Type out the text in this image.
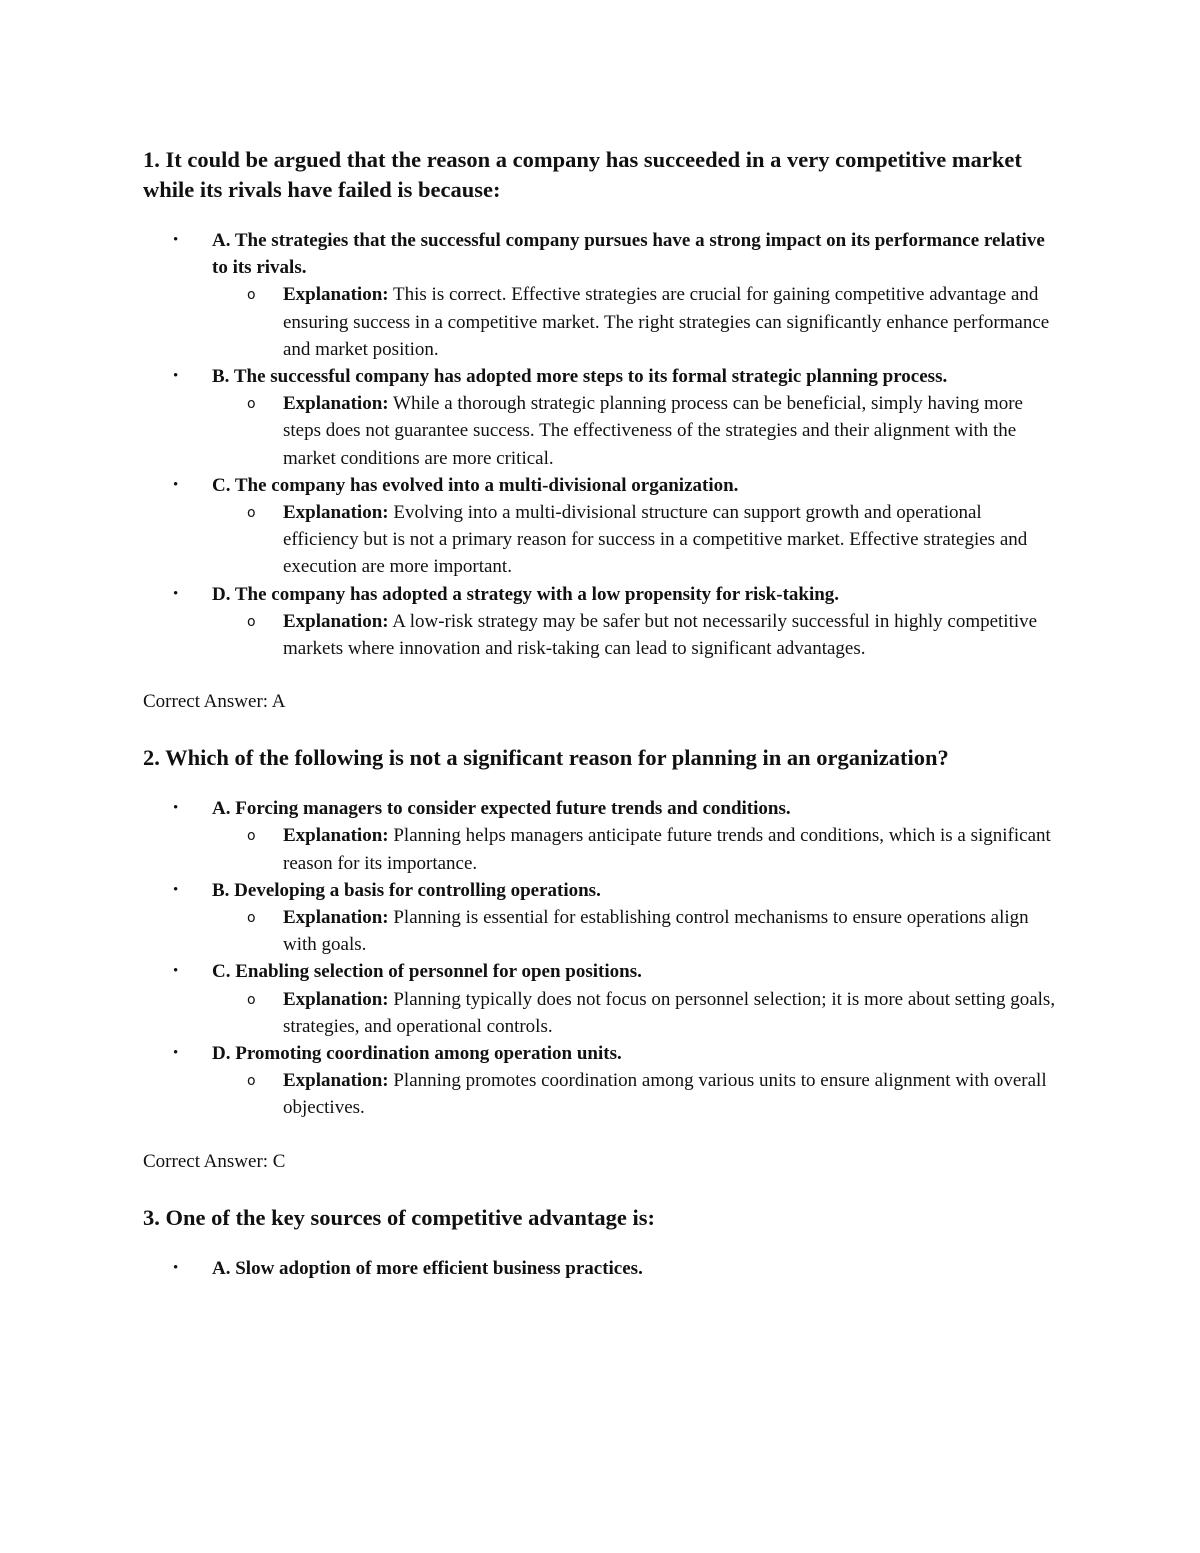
1. It could be argued that the reason a company has succeeded in a very competitive market while its rivals have failed is because:
• A. The strategies that the successful company pursues have a strong impact on its performance relative to its rivals.
o Explanation: This is correct. Effective strategies are crucial for gaining competitive advantage and ensuring success in a competitive market. The right strategies can significantly enhance performance and market position.
• B. The successful company has adopted more steps to its formal strategic planning process.
o Explanation: While a thorough strategic planning process can be beneficial, simply having more steps does not guarantee success. The effectiveness of the strategies and their alignment with the market conditions are more critical.
• C. The company has evolved into a multi-divisional organization.
o Explanation: Evolving into a multi-divisional structure can support growth and operational efficiency but is not a primary reason for success in a competitive market. Effective strategies and execution are more important.
• D. The company has adopted a strategy with a low propensity for risk-taking.
o Explanation: A low-risk strategy may be safer but not necessarily successful in highly competitive markets where innovation and risk-taking can lead to significant advantages.
Correct Answer: A
2. Which of the following is not a significant reason for planning in an organization?
• A. Forcing managers to consider expected future trends and conditions.
o Explanation: Planning helps managers anticipate future trends and conditions, which is a significant reason for its importance.
• B. Developing a basis for controlling operations.
o Explanation: Planning is essential for establishing control mechanisms to ensure operations align with goals.
• C. Enabling selection of personnel for open positions.
o Explanation: Planning typically does not focus on personnel selection; it is more about setting goals, strategies, and operational controls.
• D. Promoting coordination among operation units.
o Explanation: Planning promotes coordination among various units to ensure alignment with overall objectives.
Correct Answer: C
3. One of the key sources of competitive advantage is:
• A. Slow adoption of more efficient business practices.
